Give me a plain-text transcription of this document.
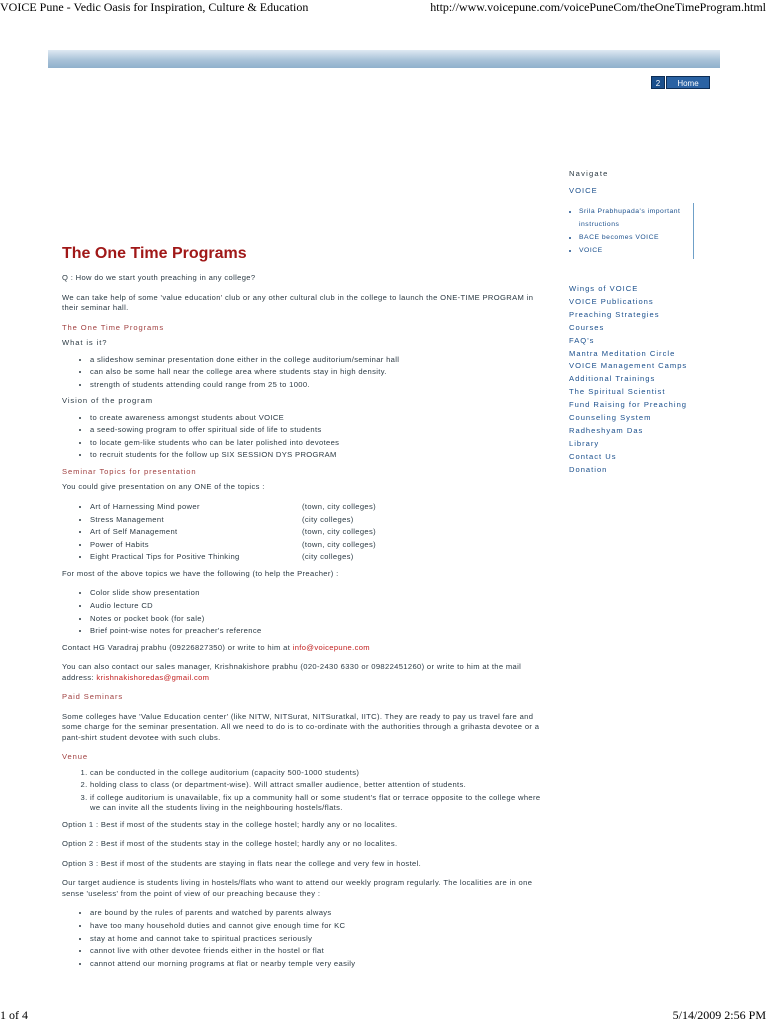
VOICE Pune - Vedic Oasis for Inspiration, Culture & Education	http://www.voicepune.com/voicePuneCom/theOneTimeProgram.html
2	Home
Navigate
VOICE
• Srila Prabhupada's important instructions
• BACE becomes VOICE
• VOICE
Wings of VOICE
VOICE Publications
Preaching Strategies
Courses
FAQ's
Mantra Meditation Circle
VOICE Management Camps
Additional Trainings
The Spiritual Scientist
Fund Raising for Preaching
Counseling System
Radheshyam Das
Library
Contact Us
Donation
The One Time Programs

Q : How do we start youth preaching in any college?

We can take help of some 'value education' club or any other cultural club in the college to launch the ONE-TIME PROGRAM in their seminar hall.

The One Time Programs
What is it?
• a slideshow seminar presentation done either in the college auditorium/seminar hall
• can also be some hall near the college area where students stay in high density.
• strength of students attending could range from 25 to 1000.
Vision of the program
• to create awareness amongst students about VOICE
• a seed-sowing program to offer spiritual side of life to students
• to locate gem-like students who can be later polished into devotees
• to recruit students for the follow up SIX SESSION DYS PROGRAM
Seminar Topics for presentation

You could give presentation on any ONE of the topics :

• Art of Harnessing Mind power	(town, city colleges)
• Stress Management	(city colleges)
• Art of Self Management	(town, city colleges)
• Power of Habits	(town, city colleges)
• Eight Practical Tips for Positive Thinking	(city colleges)

For most of the above topics we have the following (to help the Preacher) :

• Color slide show presentation
• Audio lecture CD
• Notes or pocket book (for sale)
• Brief point-wise notes for preacher's reference

Contact HG Varadraj prabhu (09226827350) or write to him at info@voicepune.com

You can also contact our sales manager, Krishnakishore prabhu (020-2430 6330 or 09822451260) or write to him at the mail address: krishnakishoredas@gmail.com

Paid Seminars

Some colleges have 'Value Education center' (like NITW, NITSurat, NITSuratkal, IITC). They are ready to pay us travel fare and some charge for the seminar presentation. All we need to do is to co-ordinate with the authorities through a grihasta devotee or a pant-shirt student devotee with such clubs.

Venue
1. can be conducted in the college auditorium (capacity 500-1000 students)
2. holding class to class (or department-wise). Will attract smaller audience, better attention of students.
3. if college auditorium is unavailable, fix up a community hall or some student's flat or terrace opposite to the college where we can invite all the students living in the neighbouring hostels/flats.

Option 1 : Best if most of the students stay in the college hostel; hardly any or no localites.

Option 2 : Best if most of the students stay in the college hostel; hardly any or no localites.

Option 3 : Best if most of the students are staying in flats near the college and very few in hostel.

Our target audience is students living in hostels/flats who want to attend our weekly program regularly. The localities are in one sense 'useless' from the point of view of our preaching because they :

• are bound by the rules of parents and watched by parents always
• have too many household duties and cannot give enough time for KC
• stay at home and cannot take to spiritual practices seriously
• cannot live with other devotee friends either in the hostel or flat
• cannot attend our morning programs at flat or nearby temple very easily
1 of 4	5/14/2009 2:56 PM
